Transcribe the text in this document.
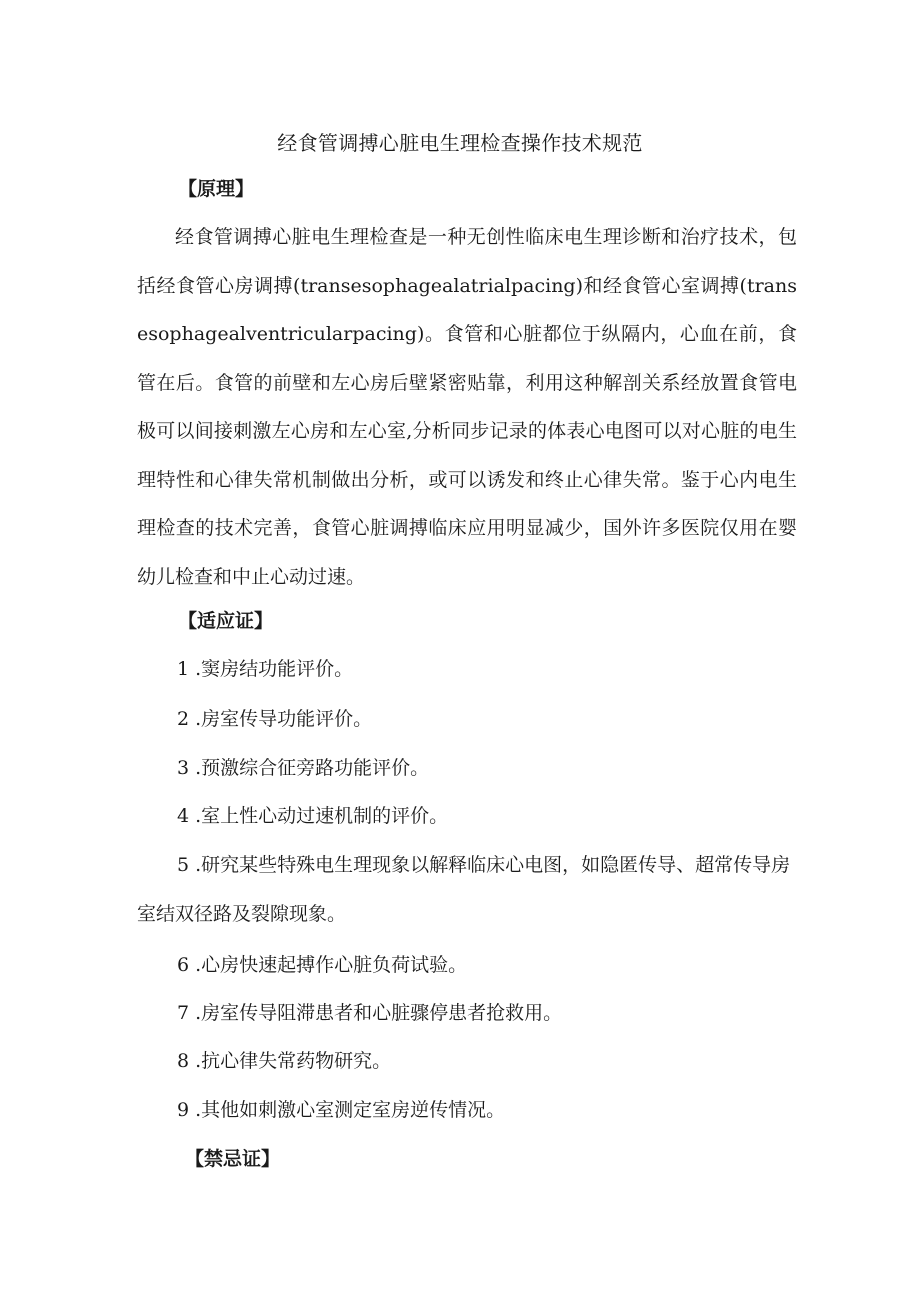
经食管调搏心脏电生理检查操作技术规范
【原理】

经食管调搏心脏电生理检查是一种无创性临床电生理诊断和治疗技术，包括经食管心房调搏(transesophagealatrialpacing)和经食管心室调搏(transesophagealventricularpacing)。食管和心脏都位于纵隔内，心血在前，食管在后。食管的前壁和左心房后壁紧密贴靠，利用这种解剖关系经放置食管电极可以间接刺激左心房和左心室,分析同步记录的体表心电图可以对心脏的电生理特性和心律失常机制做出分析，或可以诱发和终止心律失常。鉴于心内电生理检查的技术完善，食管心脏调搏临床应用明显减少，国外许多医院仅用在婴幼儿检查和中止心动过速。

【适应证】

1 .窦房结功能评价。

2 .房室传导功能评价。

3 .预激综合征旁路功能评价。

4 .室上性心动过速机制的评价。

5 .研究某些特殊电生理现象以解释临床心电图，如隐匿传导、超常传导房室结双径路及裂隙现象。

6 .心房快速起搏作心脏负荷试验。

7 .房室传导阻滞患者和心脏骤停患者抢救用。

8 .抗心律失常药物研究。

9 .其他如刺激心室测定室房逆传情况。

【禁忌证】
